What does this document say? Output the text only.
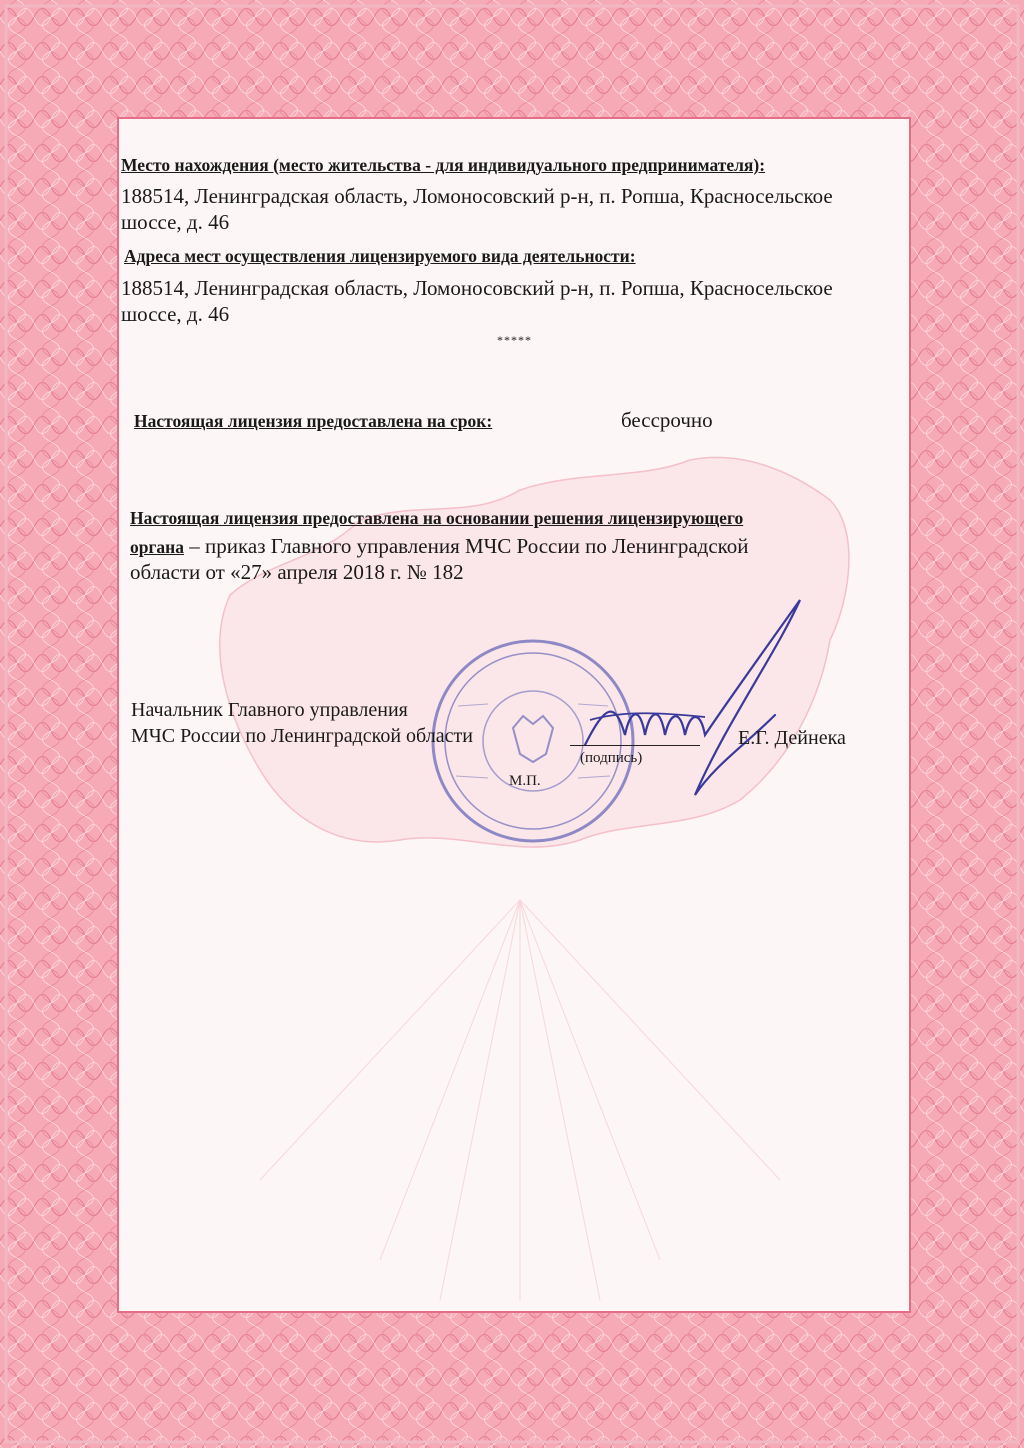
Место нахождения (место жительства - для индивидуального предпринимателя):
188514, Ленинградская область, Ломоносовский р-н, п. Ропша, Красносельское
шоссе, д. 46
Адреса мест осуществления лицензируемого вида деятельности:
188514, Ленинградская область, Ломоносовский р-н, п. Ропша, Красносельское
шоссе, д. 46
*****
Настоящая лицензия предоставлена на срок:	бессрочно
Настоящая лицензия предоставлена на основании решения лицензирующего
органа – приказ Главного управления МЧС России по Ленинградской
области от «27» апреля 2018 г. № 182
Начальник Главного управления
МЧС России по Ленинградской области
(подпись)
М.П.
Е.Г. Дейнека
